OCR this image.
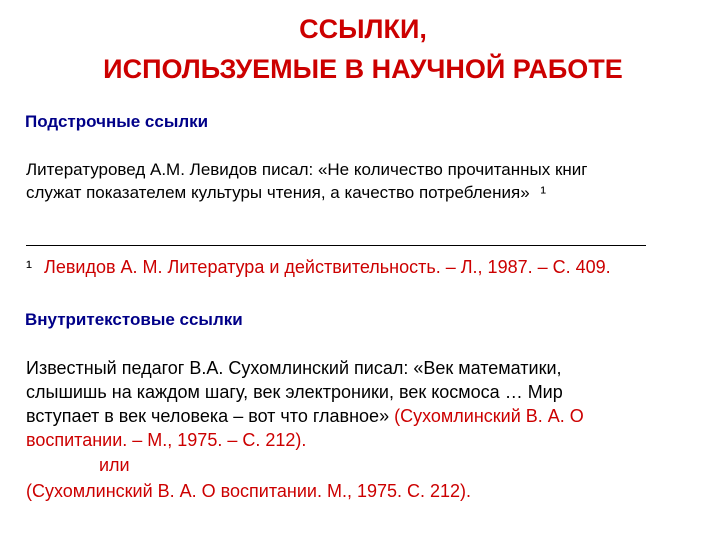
ССЫЛКИ,
ИСПОЛЬЗУЕМЫЕ В НАУЧНОЙ РАБОТЕ
Подстрочные ссылки
Литературовед А.М. Левидов писал: «Не количество прочитанных книг
служат показателем культуры чтения, а качество потребления» ¹
¹ Левидов А. М. Литература и действительность. – Л., 1987. – С. 409.
Внутритекстовые ссылки
Известный педагог В.А. Сухомлинский писал: «Век математики,
слышишь на каждом шагу, век электроники, век космоса … Мир
вступает в век человека – вот что главное» (Сухомлинский В. А. О
воспитании. – М., 1975. – С. 212).
или
(Сухомлинский В. А. О воспитании. М., 1975. С. 212).
